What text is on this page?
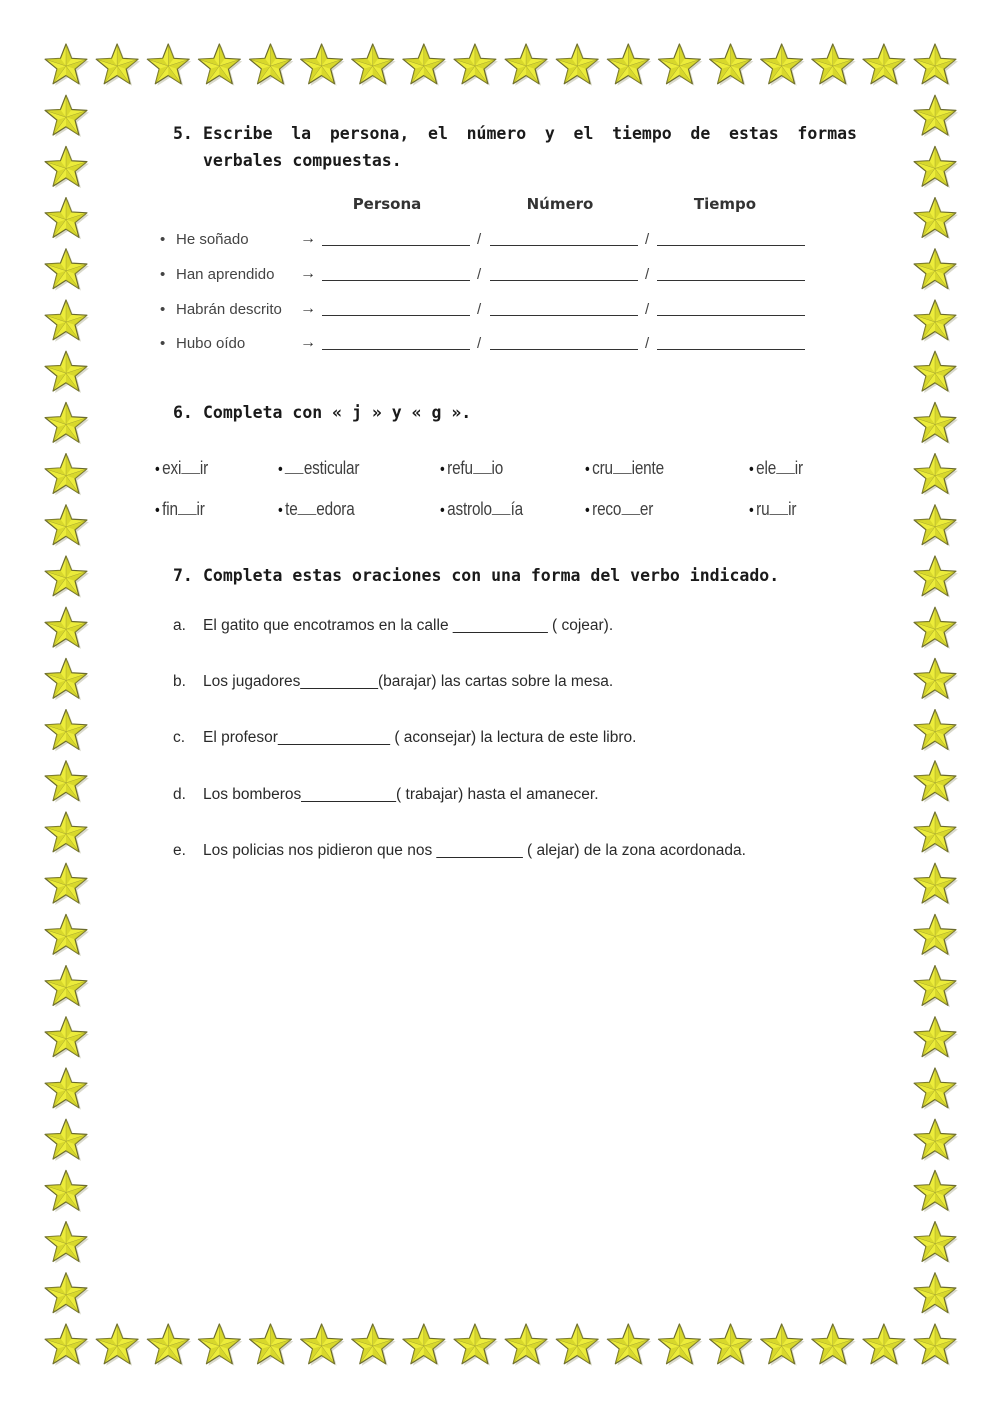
5. Escribe la persona, el número y el tiempo de estas formas verbales compuestas.
Persona	Número	Tiempo
• He soñado	→	/	/
• Han aprendido →	/	/
• Habrán descrito →	/	/
• Hubo oído	→	/	/
6. Completa con « j » y « g ».
• exi ir	• esticular	• refu io	• cru iente	• ele ir
• fin ir	• te edora	• astrolo ía	• reco er	• ru ir
7. Completa estas oraciones con una forma del verbo indicado.
a. El gatito que encotramos en la calle ___________ ( cojear).
b. Los jugadores_________(barajar) las cartas sobre la mesa.
c. El profesor_____________ ( aconsejar) la lectura de este libro.
d. Los bomberos___________( trabajar) hasta el amanecer.
e. Los policias nos pidieron que nos __________ ( alejar) de la zona acordonada.
